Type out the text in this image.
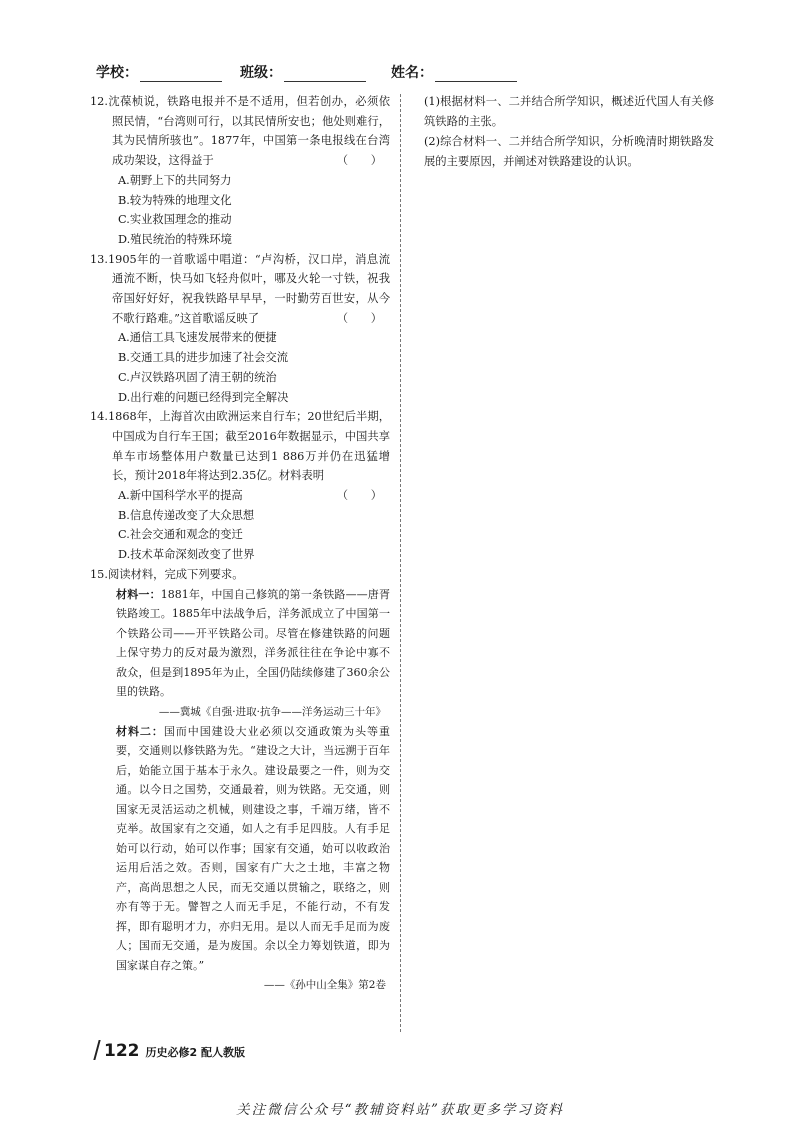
学校：	班级：	姓名：
12.沈葆桢说，铁路电报并不是不适用，但若创办，必须依照民情，“台湾则可行，以其民情所安也；他处则难行，其为民情所骇也”。1877年，中国第一条电报线在台湾成功架设，这得益于	（　　）
A.朝野上下的共同努力
B.较为特殊的地理文化
C.实业救国理念的推动
D.殖民统治的特殊环境
13.1905年的一首歌谣中唱道：“卢沟桥，汉口岸，消息流通流不断，快马如飞轻舟似叶，哪及火轮一寸铁，祝我帝国好好好，祝我铁路早早早，一时勤劳百世安，从今不歌行路难。”这首歌谣反映了	（　　）
A.通信工具飞速发展带来的便捷
B.交通工具的进步加速了社会交流
C.卢汉铁路巩固了清王朝的统治
D.出行难的问题已经得到完全解决
14.1868年，上海首次由欧洲运来自行车；20世纪后半期，中国成为自行车王国；截至2016年数据显示，中国共享单车市场整体用户数量已达到1 886万并仍在迅猛增长，预计2018年将达到2.35亿。材料表明
（　　）
A.新中国科学水平的提高
B.信息传递改变了大众思想
C.社会交通和观念的变迁
D.技术革命深刻改变了世界
15.阅读材料，完成下列要求。
材料一：1881年，中国自己修筑的第一条铁路——唐胥铁路竣工。1885年中法战争后，洋务派成立了中国第一个铁路公司——开平铁路公司。尽管在修建铁路的问题上保守势力的反对最为激烈，洋务派往往在争论中寡不敌众，但是到1895年为止，全国仍陆续修建了360余公里的铁路。
——冀城《自强·进取·抗争——洋务运动三十年》
材料二：国而中国建设大业必须以交通政策为头等重要，交通则以修铁路为先。“建设之大计，当远溯于百年后，始能立国于基本于永久。建设最要之一件，则为交通。以今日之国势，交通最着，则为铁路。无交通，则国家无灵活运动之机械，则建设之事，千端万绪，皆不克举。故国家有之交通，如人之有手足四肢。人有手足始可以行动，始可以作事；国家有交通，始可以收政治运用后活之效。否则，国家有广大之土地，丰富之物产，高尚思想之人民，而无交通以贯输之，联络之，则亦有等于无。譬智之人而无手足，不能行动，不有发挥，即有聪明才力，亦归无用。是以人而无手足而为废人；国而无交通，是为废国。余以全力筹划铁道，即为国家谋自存之策。”
——《孙中山全集》第2卷
(1)根据材料一、二并结合所学知识，概述近代国人有关修筑铁路的主张。
(2)综合材料一、二并结合所学知识，分析晚清时期铁路发展的主要原因，并阐述对铁路建设的认识。
122 历史必修2 配人教版
关注微信公众号“教辅资料站”获取更多学习资料
